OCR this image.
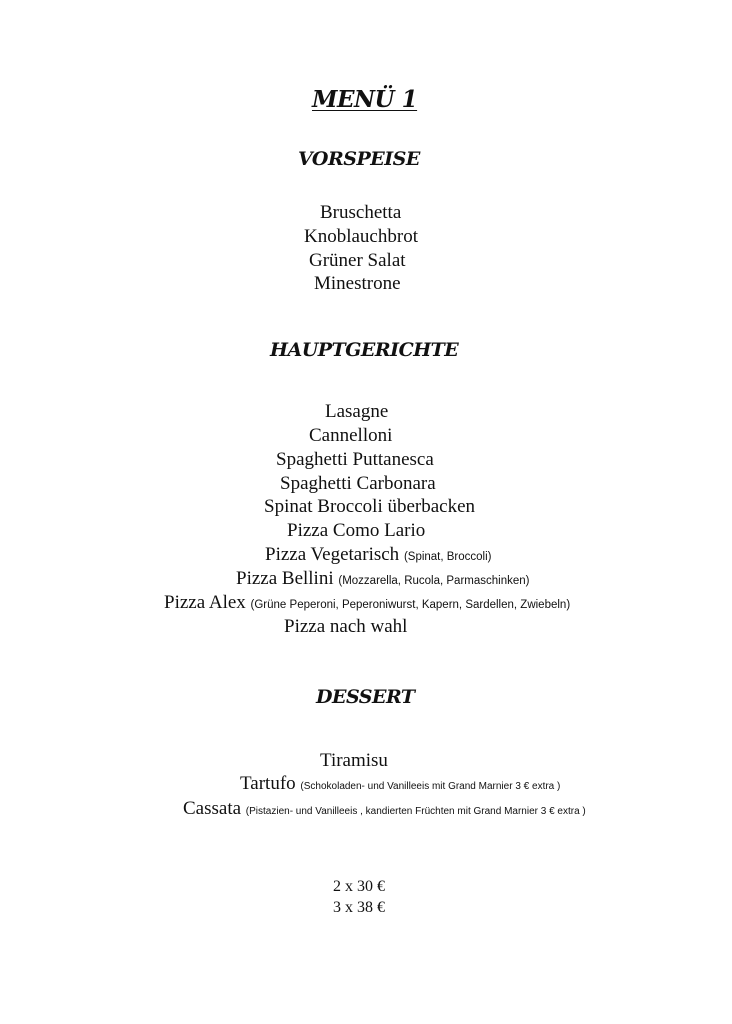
MENÜ 1
VORSPEISE
Bruschetta
Knoblauchbrot
Grüner Salat
Minestrone
HAUPTGERICHTE
Lasagne
Cannelloni
Spaghetti Puttanesca
Spaghetti Carbonara
Spinat Broccoli überbacken
Pizza Como Lario
Pizza Vegetarisch (Spinat, Broccoli)
Pizza Bellini (Mozzarella, Rucola, Parmaschinken)
Pizza Alex (Grüne Peperoni, Peperoniwurst, Kapern, Sardellen, Zwiebeln)
Pizza nach wahl
DESSERT
Tiramisu
Tartufo (Schokoladen- und Vanilleeis mit Grand Marnier 3 € extra )
Cassata (Pistazien- und Vanilleeis , kandierten Früchten mit Grand Marnier 3 € extra )
2 x 30 €
3 x 38 €
